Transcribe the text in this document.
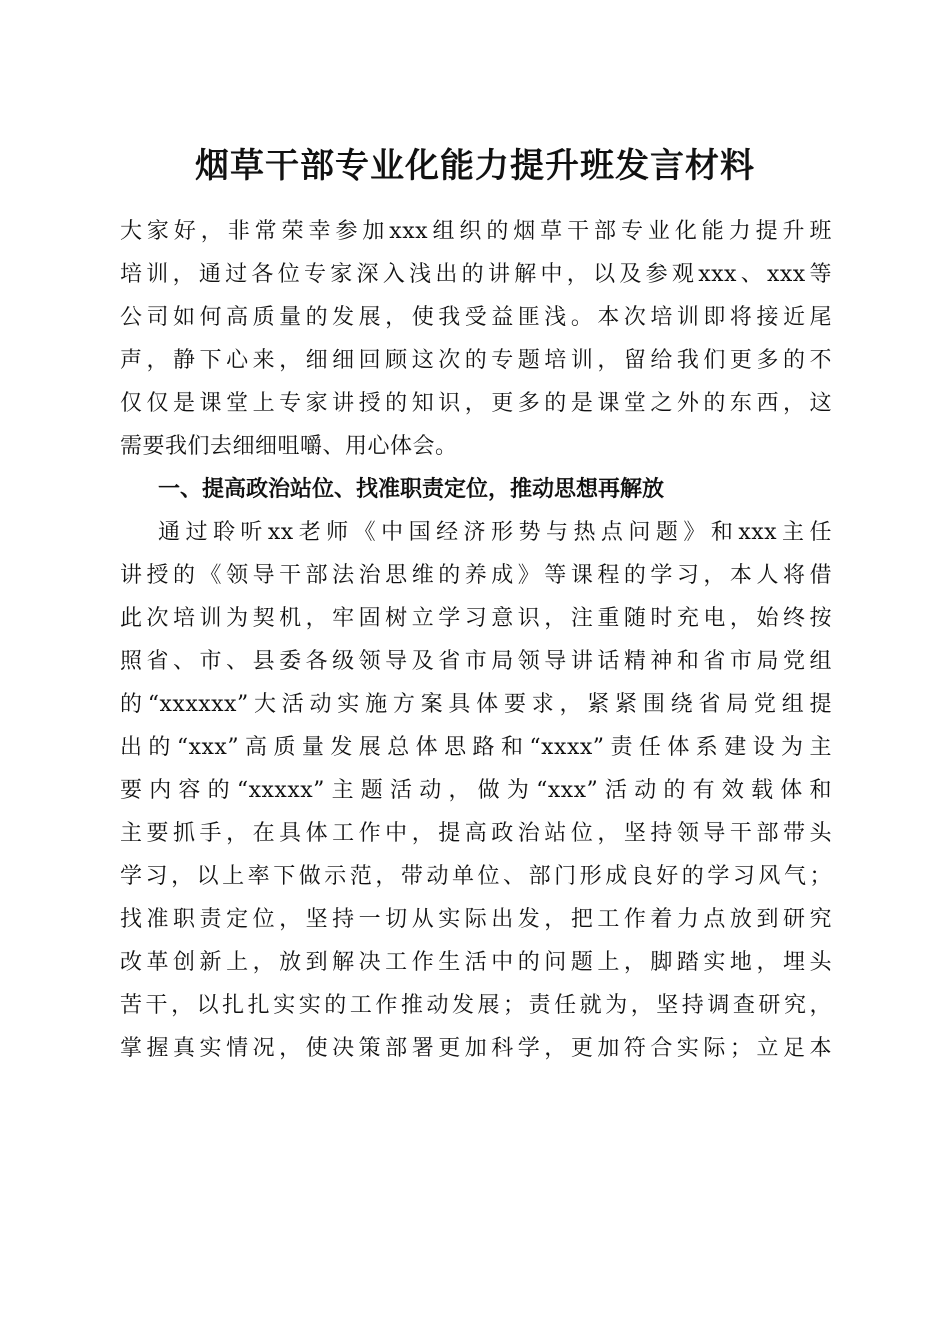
烟草干部专业化能力提升班发言材料
大家好，非常荣幸参加xxx组织的烟草干部专业化能力提升班
培训，通过各位专家深入浅出的讲解中，以及参观xxx、xxx等
公司如何高质量的发展，使我受益匪浅。本次培训即将接近尾
声，静下心来，细细回顾这次的专题培训，留给我们更多的不
仅仅是课堂上专家讲授的知识，更多的是课堂之外的东西，这
需要我们去细细咀嚼、用心体会。
一、提高政治站位、找准职责定位，推动思想再解放
通过聆听xx老师《中国经济形势与热点问题》和xxx主任
讲授的《领导干部法治思维的养成》等课程的学习，本人将借
此次培训为契机，牢固树立学习意识，注重随时充电，始终按
照省、市、县委各级领导及省市局领导讲话精神和省市局党组
的“xxxxxx”大活动实施方案具体要求，紧紧围绕省局党组提
出的“xxx”高质量发展总体思路和“xxxx”责任体系建设为主
要内容的“xxxxx”主题活动，做为“xxx”活动的有效载体和
主要抓手，在具体工作中，提高政治站位，坚持领导干部带头
学习，以上率下做示范，带动单位、部门形成良好的学习风气；
找准职责定位，坚持一切从实际出发，把工作着力点放到研究
改革创新上，放到解决工作生活中的问题上，脚踏实地，埋头
苦干，以扎扎实实的工作推动发展；责任就为，坚持调查研究，
掌握真实情况，使决策部署更加科学，更加符合实际；立足本
